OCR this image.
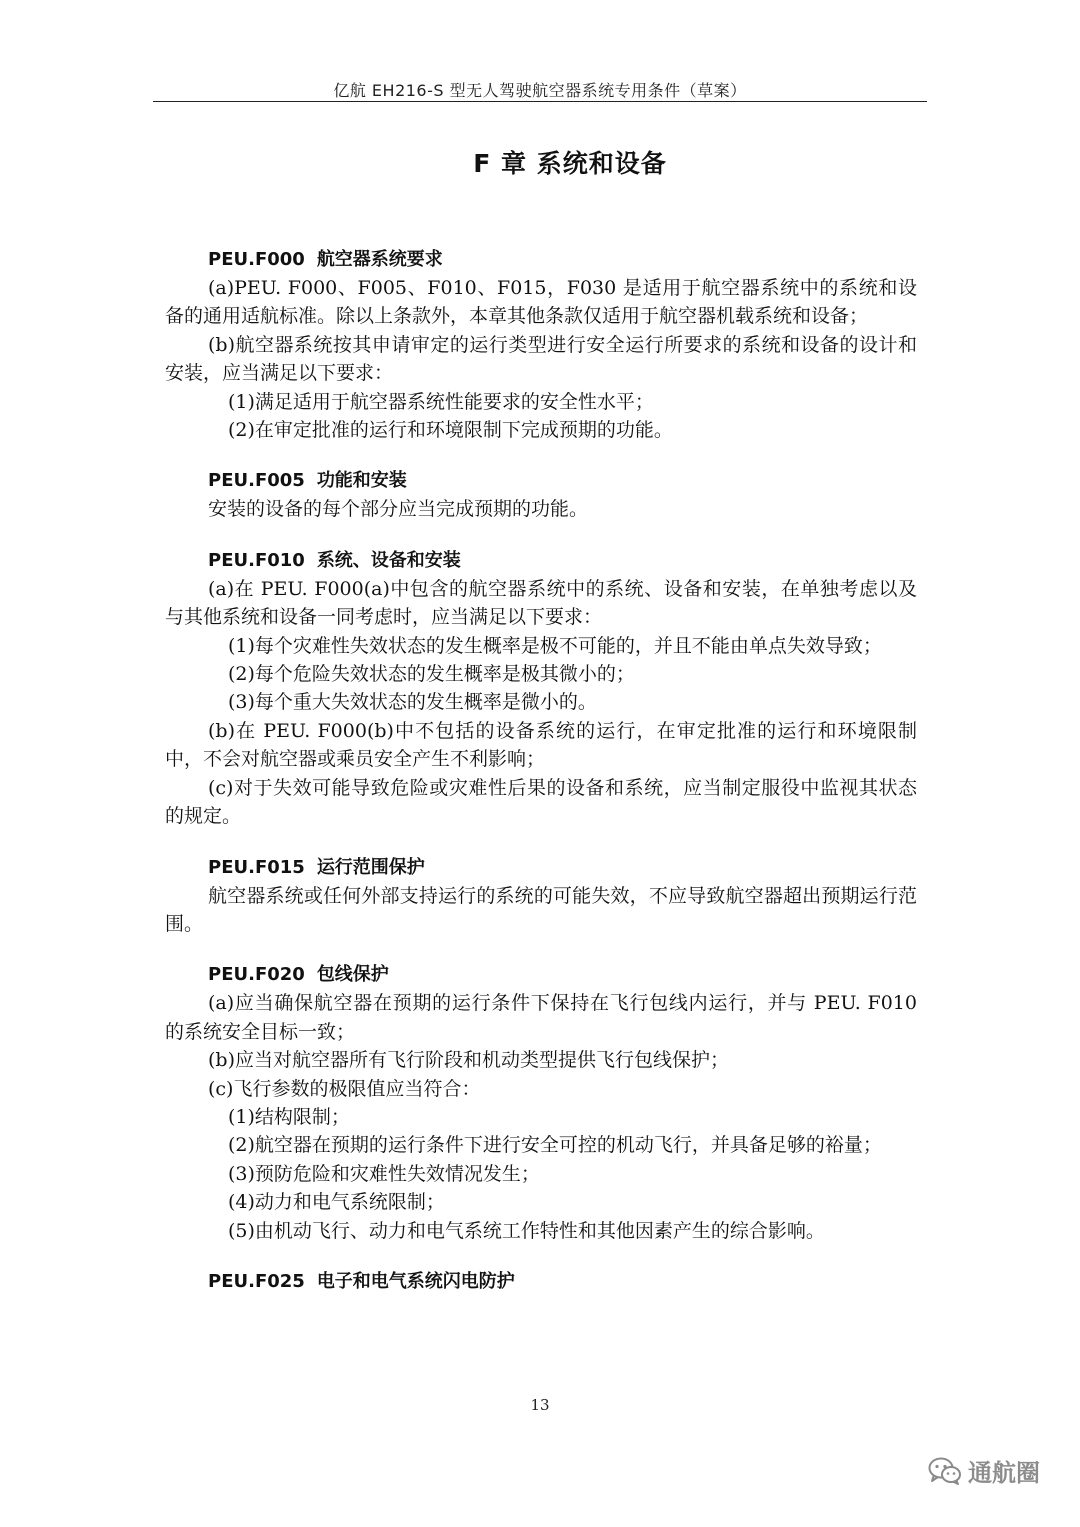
亿航 EH216-S 型无人驾驶航空器系统专用条件（草案）
F 章 系统和设备
PEU.F000 航空器系统要求

(a)PEU. F000、F005、F010、F015，F030 是适用于航空器系统中的系统和设备的通用适航标准。除以上条款外，本章其他条款仅适用于航空器机载系统和设备；

(b)航空器系统按其申请审定的运行类型进行安全运行所要求的系统和设备的设计和安装，应当满足以下要求：

(1)满足适用于航空器系统性能要求的安全性水平；

(2)在审定批准的运行和环境限制下完成预期的功能。

PEU.F005 功能和安装

安装的设备的每个部分应当完成预期的功能。

PEU.F010 系统、设备和安装

(a)在 PEU. F000(a)中包含的航空器系统中的系统、设备和安装，在单独考虑以及与其他系统和设备一同考虑时，应当满足以下要求：

(1)每个灾难性失效状态的发生概率是极不可能的，并且不能由单点失效导致；

(2)每个危险失效状态的发生概率是极其微小的；

(3)每个重大失效状态的发生概率是微小的。

(b)在 PEU. F000(b)中不包括的设备系统的运行，在审定批准的运行和环境限制中，不会对航空器或乘员安全产生不利影响；

(c)对于失效可能导致危险或灾难性后果的设备和系统，应当制定服役中监视其状态的规定。

PEU.F015 运行范围保护

航空器系统或任何外部支持运行的系统的可能失效，不应导致航空器超出预期运行范围。

PEU.F020 包线保护

(a)应当确保航空器在预期的运行条件下保持在飞行包线内运行，并与 PEU. F010 的系统安全目标一致；

(b)应当对航空器所有飞行阶段和机动类型提供飞行包线保护；

(c)飞行参数的极限值应当符合：

(1)结构限制；

(2)航空器在预期的运行条件下进行安全可控的机动飞行，并具备足够的裕量；

(3)预防危险和灾难性失效情况发生；

(4)动力和电气系统限制；

(5)由机动飞行、动力和电气系统工作特性和其他因素产生的综合影响。

PEU.F025 电子和电气系统闪电防护
13
通航圈
